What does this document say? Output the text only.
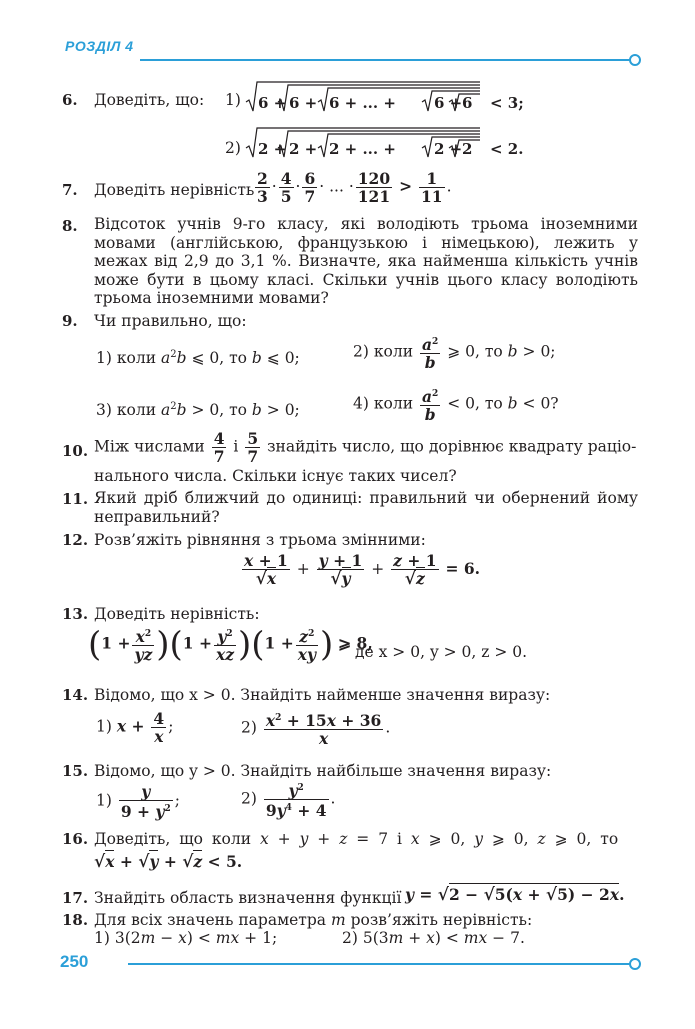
РОЗДІЛ 4
6. Доведіть, що: 1) 6 + 6 + 6 + ... +	6 + 6 < 3;
2) 2 + 2 + 2 + ... +	2 + 2 < 2.
7. Доведіть нерівність $\frac{2}{3} \cdot \frac{4}{5} \cdot \frac{6}{7}$ · ... · $\frac{120}{121} > \frac{1}{11}$ .
8. Відсоток учнів 9-го класу, які володіють трьома іноземними мовами (англійською, французькою і німецькою), лежить у межах від 2,9 до 3,1 %. Визначте, яка найменша кількість учнів може бути в цьому класі. Скільки учнів цього класу володіють трьома іноземними мовами?
9. Чи правильно, що:
1) коли $a^2b$ ⩽ 0, то b ⩽ 0;	2) коли $\frac{a^2}{b}$ ⩾ 0, то b > 0;
3) коли $a^2b > 0$, то b > 0;	4) коли $\frac{a^2}{b} < 0$, то b < 0?
10. Між числами $\frac{4}{7}$ і $\frac{5}{7}$ знайдіть число, що дорівнює квадрату раціо-
нального числа. Скільки існує таких чисел?
11. Який дріб ближчий до одиниці: правильний чи обернений йому неправильний?
12. Розв’яжіть рівняння з трьома змінними:
$\frac{x + 1}{√x} + \frac{y + 1}{√y} + \frac{z + 1}{√z} = 6$.
13. Доведіть нерівність:
$(1 + \frac{x^2}{yz} )(1 + \frac{y^2}{xz} )(1 + \frac{z^2}{xy}$ ) ⩾ 8,
де x > 0, y > 0, z > 0.
14. Відомо, що x > 0. Знайдіть найменше значення виразу:
1) $x + \frac{4}{x}$ ;	$2) \frac{x^2 + 15x + 36}{x}$ .
15. Відомо, що y > 0. Знайдіть найбільше значення виразу:
$1) \frac{y}{9 + y^2}$ ;	$2) \frac{y^2}{9y^4 + 4}$ .
16. Доведіть, що коли x + y + z = 7 і x ⩾ 0, y ⩾ 0, z ⩾ 0, то
√x + √y + √z < 5.
17. Знайдіть область визначення функції y = √2 − √5(x + √5) − 2x.
18. Для всіх значень параметра m розв’яжіть нерівність:
1) 3(2m − x) < mx + 1;	2) 5(3m + x) < mx − 7.
250
